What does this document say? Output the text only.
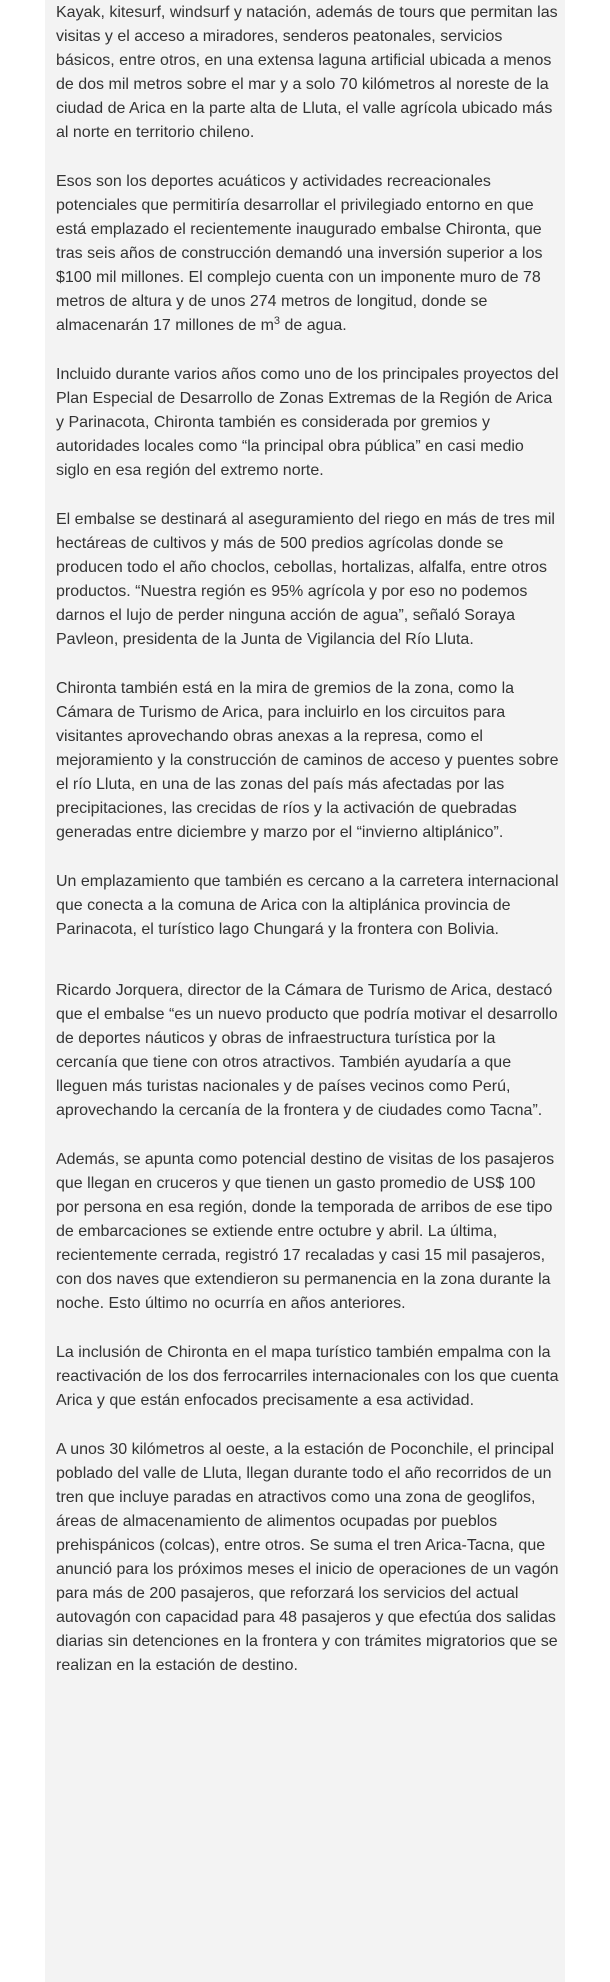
Kayak, kitesurf, windsurf y natación, además de tours que permitan las visitas y el acceso a miradores, senderos peatonales, servicios básicos, entre otros, en una extensa laguna artificial ubicada a menos de dos mil metros sobre el mar y a solo 70 kilómetros al noreste de la ciudad de Arica en la parte alta de Lluta, el valle agrícola ubicado más al norte en territorio chileno.

Esos son los deportes acuáticos y actividades recreacionales potenciales que permitiría desarrollar el privilegiado entorno en que está emplazado el recientemente inaugurado embalse Chironta, que tras seis años de construcción demandó una inversión superior a los $100 mil millones. El complejo cuenta con un imponente muro de 78 metros de altura y de unos 274 metros de longitud, donde se almacenarán 17 millones de $m^3$ de agua.

Incluido durante varios años como uno de los principales proyectos del Plan Especial de Desarrollo de Zonas Extremas de la Región de Arica y Parinacota, Chironta también es considerada por gremios y autoridades locales como “la principal obra pública” en casi medio siglo en esa región del extremo norte.

El embalse se destinará al aseguramiento del riego en más de tres mil hectáreas de cultivos y más de 500 predios agrícolas donde se producen todo el año choclos, cebollas, hortalizas, alfalfa, entre otros productos. “Nuestra región es 95% agrícola y por eso no podemos darnos el lujo de perder ninguna acción de agua”, señaló Soraya Pavleon, presidenta de la Junta de Vigilancia del Río Lluta.

Chironta también está en la mira de gremios de la zona, como la Cámara de Turismo de Arica, para incluirlo en los circuitos para visitantes aprovechando obras anexas a la represa, como el mejoramiento y la construcción de caminos de acceso y puentes sobre el río Lluta, en una de las zonas del país más afectadas por las precipitaciones, las crecidas de ríos y la activación de quebradas generadas entre diciembre y marzo por el “invierno altiplánico”.

Un emplazamiento que también es cercano a la carretera internacional que conecta a la comuna de Arica con la altiplánica provincia de Parinacota, el turístico lago Chungará y la frontera con Bolivia.

Ricardo Jorquera, director de la Cámara de Turismo de Arica, destacó que el embalse “es un nuevo producto que podría motivar el desarrollo de deportes náuticos y obras de infraestructura turística por la cercanía que tiene con otros atractivos. También ayudaría a que lleguen más turistas nacionales y de países vecinos como Perú, aprovechando la cercanía de la frontera y de ciudades como Tacna”.

Además, se apunta como potencial destino de visitas de los pasajeros que llegan en cruceros y que tienen un gasto promedio de US$ 100 por persona en esa región, donde la temporada de arribos de ese tipo de embarcaciones se extiende entre octubre y abril. La última, recientemente cerrada, registró 17 recaladas y casi 15 mil pasajeros, con dos naves que extendieron su permanencia en la zona durante la noche. Esto último no ocurría en años anteriores.

La inclusión de Chironta en el mapa turístico también empalma con la reactivación de los dos ferrocarriles internacionales con los que cuenta Arica y que están enfocados precisamente a esa actividad.

A unos 30 kilómetros al oeste, a la estación de Poconchile, el principal poblado del valle de Lluta, llegan durante todo el año recorridos de un tren que incluye paradas en atractivos como una zona de geoglifos, áreas de almacenamiento de alimentos ocupadas por pueblos prehispánicos (colcas), entre otros. Se suma el tren Arica-Tacna, que anunció para los próximos meses el inicio de operaciones de un vagón para más de 200 pasajeros, que reforzará los servicios del actual autovagón con capacidad para 48 pasajeros y que efectúa dos salidas diarias sin detenciones en la frontera y con trámites migratorios que se realizan en la estación de destino.
